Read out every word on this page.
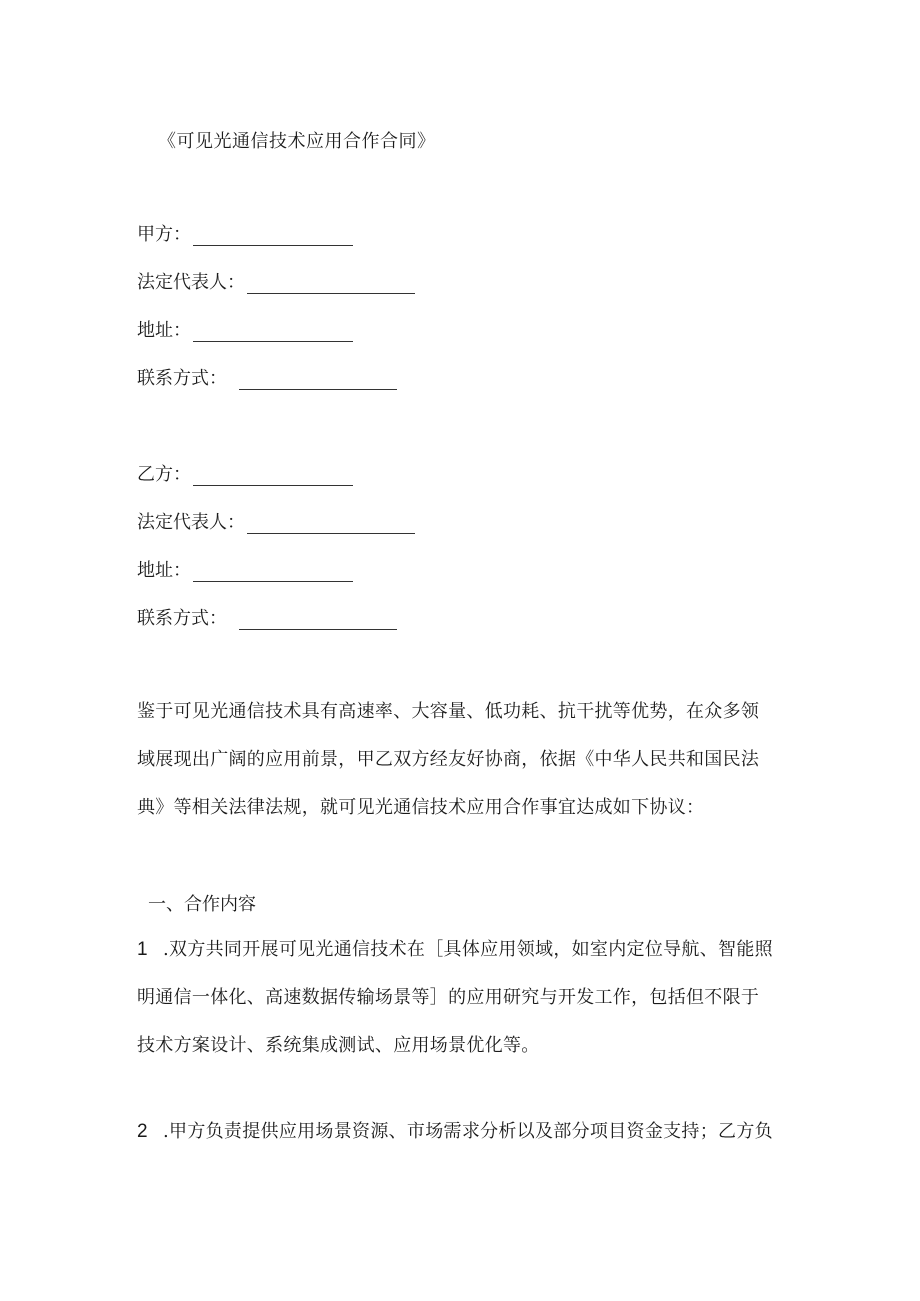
《可见光通信技术应用合作合同》
甲方：
法定代表人：
地址：
联系方式：
乙方：
法定代表人：
地址：
联系方式：
鉴于可见光通信技术具有高速率、大容量、低功耗、抗干扰等优势，在众多领
域展现出广阔的应用前景，甲乙双方经友好协商，依据《中华人民共和国民法
典》等相关法律法规，就可见光通信技术应用合作事宜达成如下协议：
一、合作内容
1 .双方共同开展可见光通信技术在［具体应用领域，如室内定位导航、智能照
明通信一体化、高速数据传输场景等］的应用研究与开发工作，包括但不限于
技术方案设计、系统集成测试、应用场景优化等。
2 .甲方负责提供应用场景资源、市场需求分析以及部分项目资金支持；乙方负
